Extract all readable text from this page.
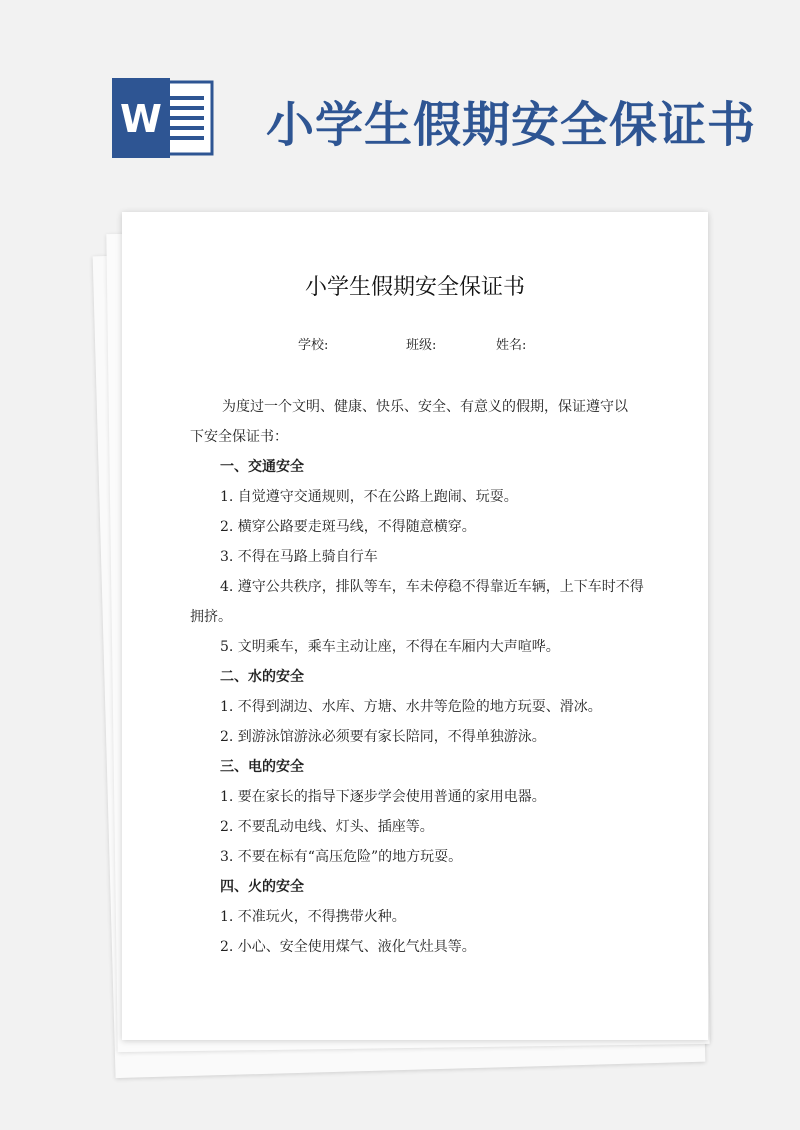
W 小学生假期安全保证书
小学生假期安全保证书
学校:	班级:	姓名:

为度过一个文明、健康、快乐、安全、有意义的假期，保证遵守以下安全保证书：

一、交通安全

1. 自觉遵守交通规则，不在公路上跑闹、玩耍。

2. 横穿公路要走斑马线，不得随意横穿。

3. 不得在马路上骑自行车

4. 遵守公共秩序，排队等车，车未停稳不得靠近车辆，上下车时不得拥挤。

5. 文明乘车，乘车主动让座，不得在车厢内大声喧哗。

二、水的安全

1. 不得到湖边、水库、方塘、水井等危险的地方玩耍、滑冰。

2. 到游泳馆游泳必须要有家长陪同，不得单独游泳。

三、电的安全

1. 要在家长的指导下逐步学会使用普通的家用电器。

2. 不要乱动电线、灯头、插座等。

3. 不要在标有“高压危险”的地方玩耍。

四、火的安全

1. 不准玩火，不得携带火种。

2. 小心、安全使用煤气、液化气灶具等。
